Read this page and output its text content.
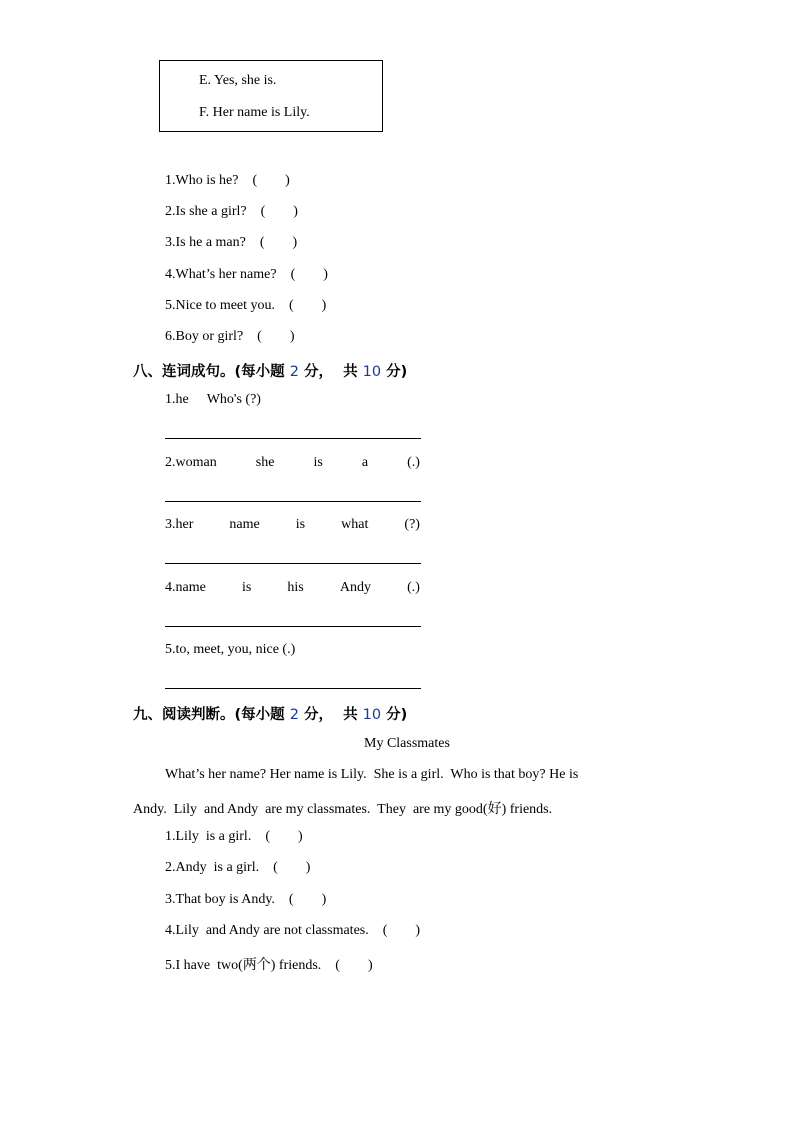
E. Yes, she is.
F. Her name is Lily.
1.Who is he?    (        )
2.Is she a girl?    (        )
3.Is he a man?    (        )
4.What’s her name?    (        )
5.Nice to meet you.    (        )
6.Boy or girl?    (        )
八、连词成句。(每小题 2 分，  共 10 分)
1.he Who's (?)
2.woman	she	is	a	(.)
3.her	name	is	what	(?)
4.name	is	his	Andy	(.)
5.to, meet, you, nice (.)
九、阅读判断。(每小题 2 分，  共 10 分)
My Classmates
What’s her name? Her name is Lily.  She is a girl.  Who is that boy? He is
Andy.  Lily  and Andy  are my classmates.  They  are my good(好) friends.
1.Lily  is a girl.    (        )
2.Andy  is a girl.    (        )
3.That boy is Andy.    (        )
4.Lily  and Andy are not classmates.    (        )
5.I have  two(两个) friends.    (        )
